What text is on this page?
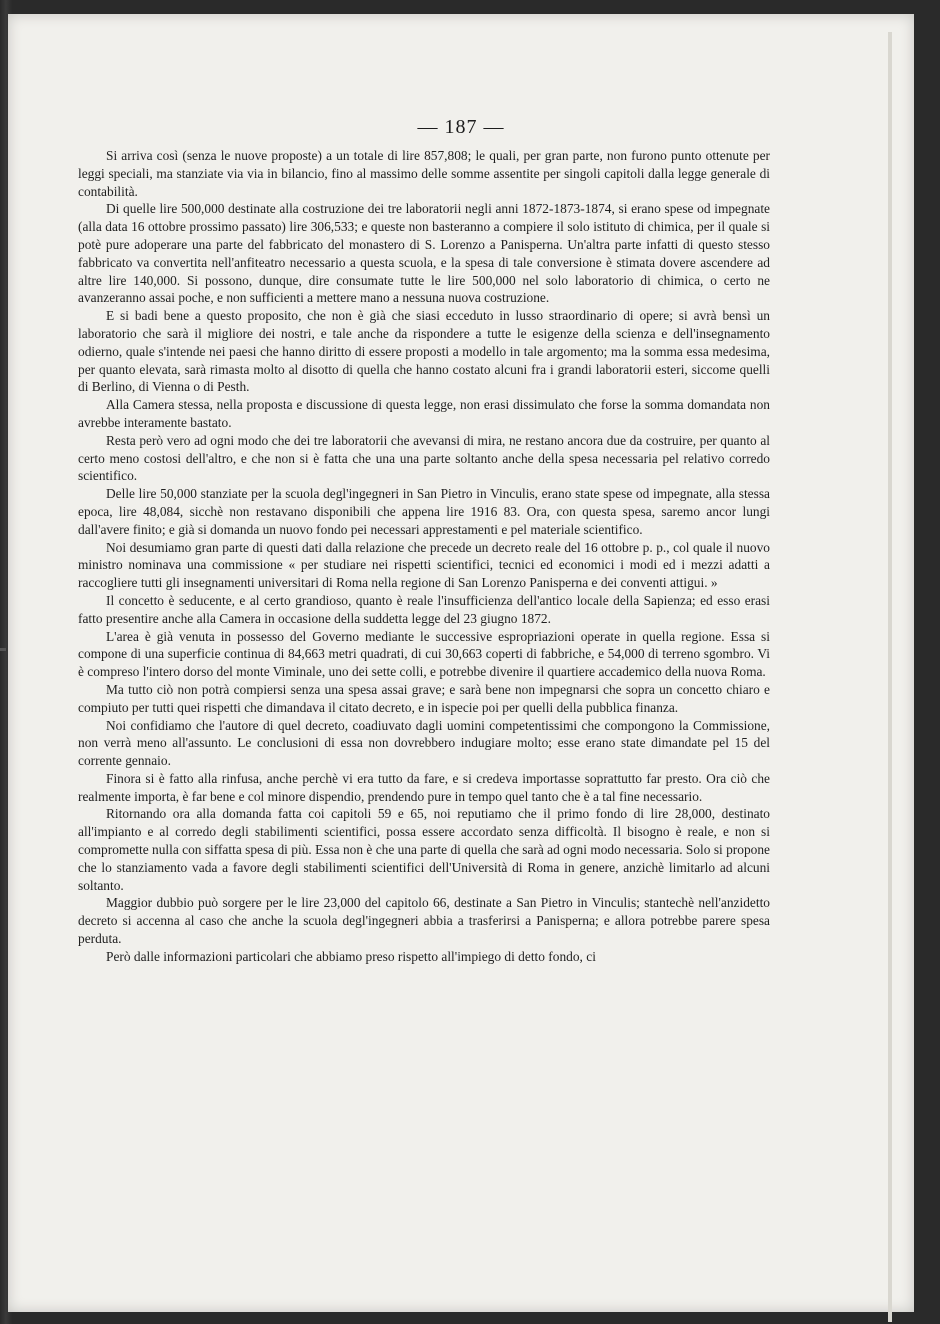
— 187 —

Si arriva così (senza le nuove proposte) a un totale di lire 857,808; le quali, per gran parte, non furono punto ottenute per leggi speciali, ma stanziate via via in bilancio, fino al massimo delle somme assentite per singoli capitoli dalla legge generale di contabilità.

Di quelle lire 500,000 destinate alla costruzione dei tre laboratorii negli anni 1872-1873-1874, si erano spese od impegnate (alla data 16 ottobre prossimo passato) lire 306,533; e queste non basteranno a compiere il solo istituto di chimica, per il quale si potè pure adoperare una parte del fabbricato del monastero di S. Lorenzo a Panisperna. Un'altra parte infatti di questo stesso fabbricato va convertita nell'anfiteatro necessario a questa scuola, e la spesa di tale conversione è stimata dovere ascendere ad altre lire 140,000. Si possono, dunque, dire consumate tutte le lire 500,000 nel solo laboratorio di chimica, o certo ne avanzeranno assai poche, e non sufficienti a mettere mano a nessuna nuova costruzione.

E si badi bene a questo proposito, che non è già che siasi ecceduto in lusso straordinario di opere; si avrà bensì un laboratorio che sarà il migliore dei nostri, e tale anche da rispondere a tutte le esigenze della scienza e dell'insegnamento odierno, quale s'intende nei paesi che hanno diritto di essere proposti a modello in tale argomento; ma la somma essa medesima, per quanto elevata, sarà rimasta molto al disotto di quella che hanno costato alcuni fra i grandi laboratorii esteri, siccome quelli di Berlino, di Vienna o di Pesth.

Alla Camera stessa, nella proposta e discussione di questa legge, non erasi dissimulato che forse la somma domandata non avrebbe interamente bastato.

Resta però vero ad ogni modo che dei tre laboratorii che avevansi di mira, ne restano ancora due da costruire, per quanto al certo meno costosi dell'altro, e che non si è fatta che una una parte soltanto anche della spesa necessaria pel relativo corredo scientifico.

Delle lire 50,000 stanziate per la scuola degl'ingegneri in San Pietro in Vinculis, erano state spese od impegnate, alla stessa epoca, lire 48,084, sicchè non restavano disponibili che appena lire 1916 83. Ora, con questa spesa, saremo ancor lungi dall'avere finito; e già si domanda un nuovo fondo pei necessari apprestamenti e pel materiale scientifico.

Noi desumiamo gran parte di questi dati dalla relazione che precede un decreto reale del 16 ottobre p. p., col quale il nuovo ministro nominava una commissione « per studiare nei rispetti scientifici, tecnici ed economici i modi ed i mezzi adatti a raccogliere tutti gli insegnamenti universitari di Roma nella regione di San Lorenzo Panisperna e dei conventi attigui. »

Il concetto è seducente, e al certo grandioso, quanto è reale l'insufficienza dell'antico locale della Sapienza; ed esso erasi fatto presentire anche alla Camera in occasione della suddetta legge del 23 giugno 1872.

L'area è già venuta in possesso del Governo mediante le successive espropriazioni operate in quella regione. Essa si compone di una superficie continua di 84,663 metri quadrati, di cui 30,663 coperti di fabbriche, e 54,000 di terreno sgombro. Vi è compreso l'intero dorso del monte Viminale, uno dei sette colli, e potrebbe divenire il quartiere accademico della nuova Roma.

Ma tutto ciò non potrà compiersi senza una spesa assai grave; e sarà bene non impegnarsi che sopra un concetto chiaro e compiuto per tutti quei rispetti che dimandava il citato decreto, e in ispecie poi per quelli della pubblica finanza.

Noi confidiamo che l'autore di quel decreto, coadiuvato dagli uomini competentissimi che compongono la Commissione, non verrà meno all'assunto. Le conclusioni di essa non dovrebbero indugiare molto; esse erano state dimandate pel 15 del corrente gennaio.

Finora si è fatto alla rinfusa, anche perchè vi era tutto da fare, e si credeva importasse soprattutto far presto. Ora ciò che realmente importa, è far bene e col minore dispendio, prendendo pure in tempo quel tanto che è a tal fine necessario.

Ritornando ora alla domanda fatta coi capitoli 59 e 65, noi reputiamo che il primo fondo di lire 28,000, destinato all'impianto e al corredo degli stabilimenti scientifici, possa essere accordato senza difficoltà. Il bisogno è reale, e non si compromette nulla con siffatta spesa di più. Essa non è che una parte di quella che sarà ad ogni modo necessaria. Solo si propone che lo stanziamento vada a favore degli stabilimenti scientifici dell'Università di Roma in genere, anzichè limitarlo ad alcuni soltanto.

Maggior dubbio può sorgere per le lire 23,000 del capitolo 66, destinate a San Pietro in Vinculis; stantechè nell'anzidetto decreto si accenna al caso che anche la scuola degl'ingegneri abbia a trasferirsi a Panisperna; e allora potrebbe parere spesa perduta.

Però dalle informazioni particolari che abbiamo preso rispetto all'impiego di detto fondo, ci
